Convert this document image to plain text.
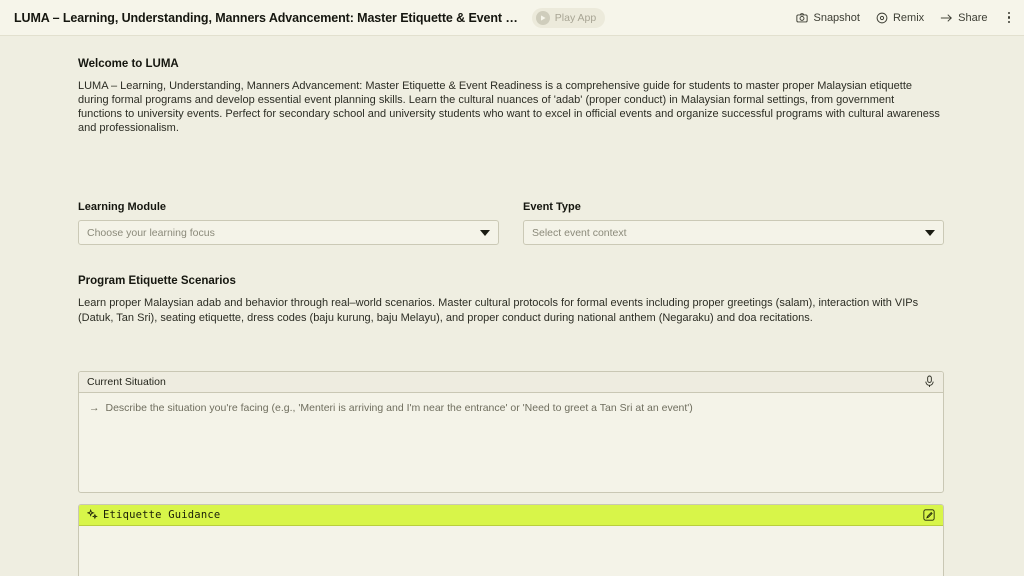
LUMA – Learning, Understanding, Manners Advancement: Master Etiquette & Event …	Play App	Snapshot	Remix	Share
Welcome to LUMA
LUMA – Learning, Understanding, Manners Advancement: Master Etiquette & Event Readiness is a comprehensive guide for students to master proper Malaysian etiquette during formal programs and develop essential event planning skills. Learn the cultural nuances of 'adab' (proper conduct) in Malaysian formal settings, from government functions to university events. Perfect for secondary school and university students who want to excel in official events and organize successful programs with cultural awareness and professionalism.
Learning Module
Choose your learning focus
Event Type
Select event context
Program Etiquette Scenarios
Learn proper Malaysian adab and behavior through real–world scenarios. Master cultural protocols for formal events including proper greetings (salam), interaction with VIPs (Datuk, Tan Sri), seating etiquette, dress codes (baju kurung, baju Melayu), and proper conduct during national anthem (Negaraku) and doa recitations.
Current Situation
→ Describe the situation you're facing (e.g., 'Menteri is arriving and I'm near the entrance' or 'Need to greet a Tan Sri at an event')
Etiquette Guidance
